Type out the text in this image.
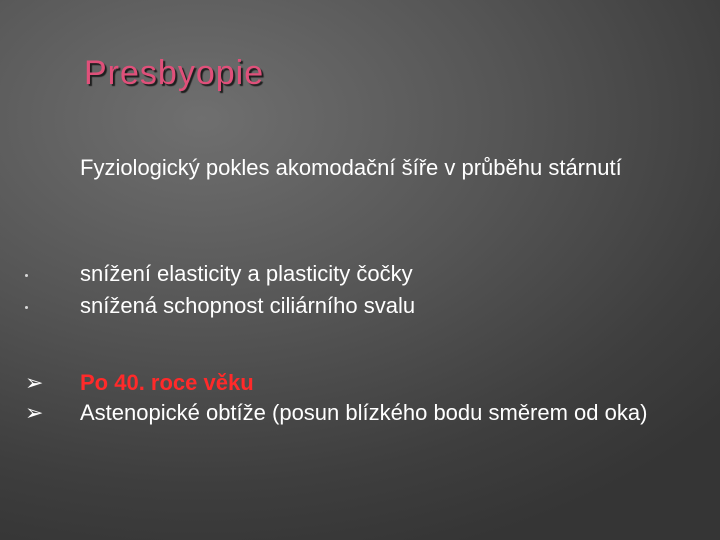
Presbyopie

Fyziologický pokles akomodační šíře v průběhu stárnutí

snížení elasticity a plasticity čočky
snížená schopnost ciliárního svalu
➢ Po 40. roce věku
➢ Astenopické obtíže (posun blízkého bodu směrem od oka)
